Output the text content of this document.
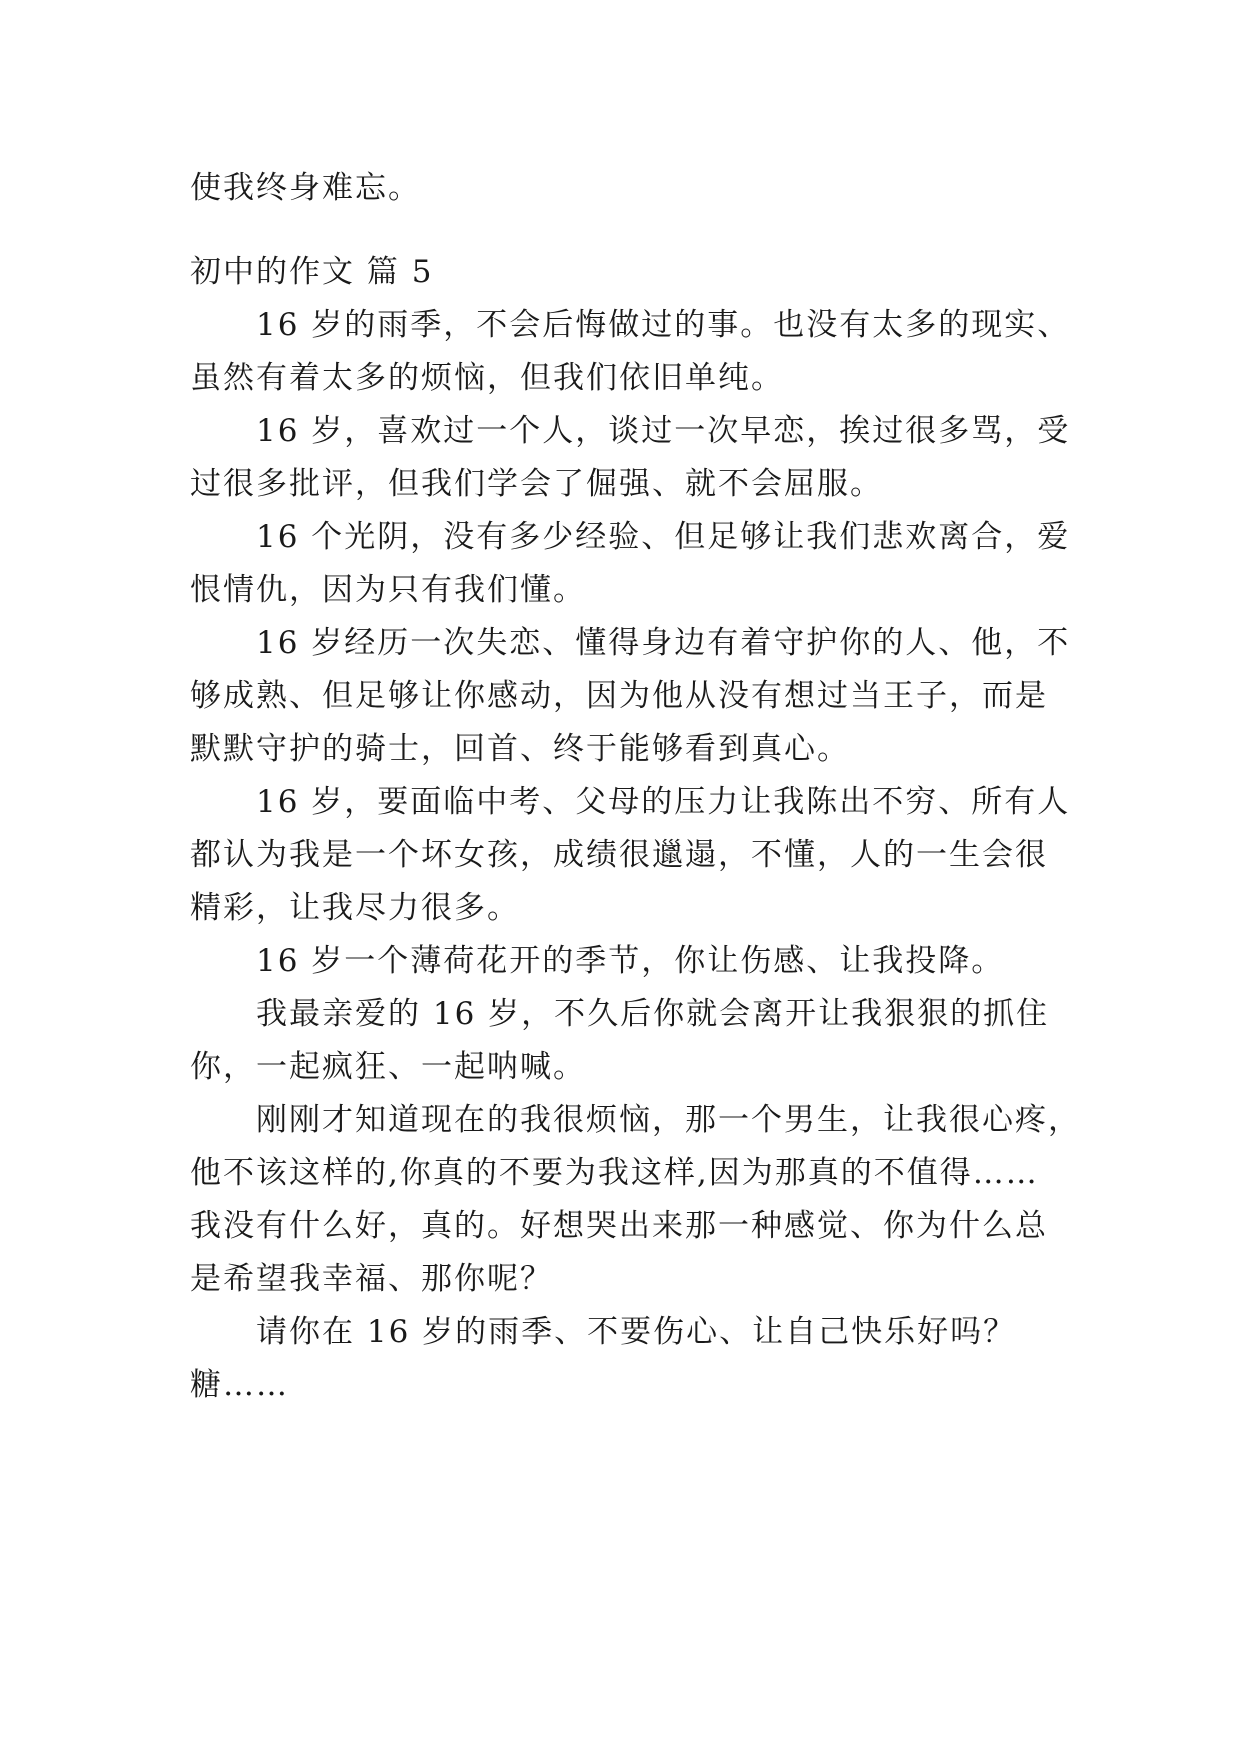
使我终身难忘。
初中的作文 篇 5
16 岁的雨季，不会后悔做过的事。也没有太多的现实、
虽然有着太多的烦恼，但我们依旧单纯。
16 岁，喜欢过一个人，谈过一次早恋，挨过很多骂，受
过很多批评，但我们学会了倔强、就不会屈服。
16 个光阴，没有多少经验、但足够让我们悲欢离合，爱
恨情仇，因为只有我们懂。
16 岁经历一次失恋、懂得身边有着守护你的人、他，不
够成熟、但足够让你感动，因为他从没有想过当王子，而是
默默守护的骑士，回首、终于能够看到真心。
16 岁，要面临中考、父母的压力让我陈出不穷、所有人
都认为我是一个坏女孩，成绩很邋遢，不懂，人的一生会很
精彩，让我尽力很多。
16 岁一个薄荷花开的季节，你让伤感、让我投降。
我最亲爱的 16 岁，不久后你就会离开让我狠狠的抓住
你，一起疯狂、一起呐喊。
刚刚才知道现在的我很烦恼，那一个男生，让我很心疼，
他不该这样的,你真的不要为我这样,因为那真的不值得……
我没有什么好，真的。好想哭出来那一种感觉、你为什么总
是希望我幸福、那你呢？
请你在 16 岁的雨季、不要伤心、让自己快乐好吗？
糖……
